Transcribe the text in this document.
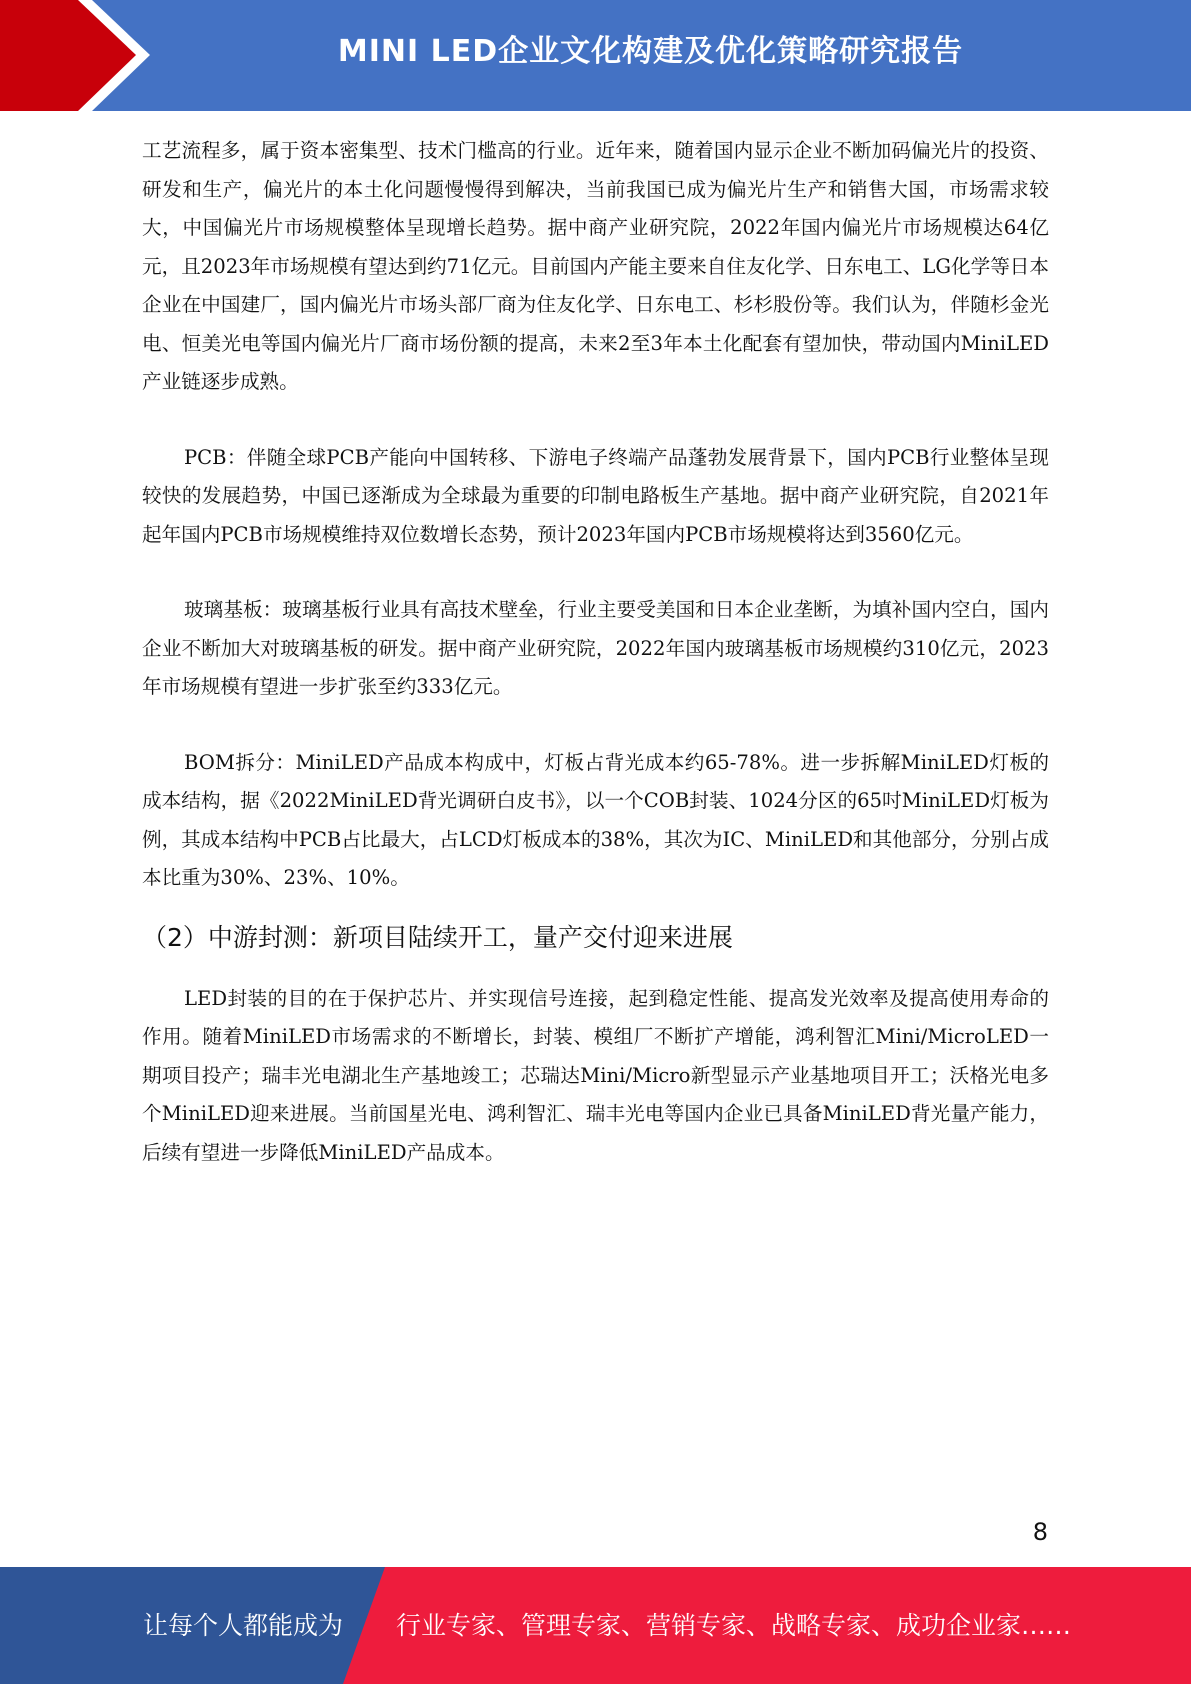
MINI LED企业文化构建及优化策略研究报告

工艺流程多，属于资本密集型、技术门槛高的行业。近年来，随着国内显示企业不断加码偏光片的投资、研发和生产，偏光片的本土化问题慢慢得到解决，当前我国已成为偏光片生产和销售大国，市场需求较大，中国偏光片市场规模整体呈现增长趋势。据中商产业研究院，2022年国内偏光片市场规模达64亿元，且2023年市场规模有望达到约71亿元。目前国内产能主要来自住友化学、日东电工、LG化学等日本企业在中国建厂，国内偏光片市场头部厂商为住友化学、日东电工、杉杉股份等。我们认为，伴随杉金光电、恒美光电等国内偏光片厂商市场份额的提高，未来2至3年本土化配套有望加快，带动国内MiniLED产业链逐步成熟。

PCB：伴随全球PCB产能向中国转移、下游电子终端产品蓬勃发展背景下，国内PCB行业整体呈现较快的发展趋势，中国已逐渐成为全球最为重要的印制电路板生产基地。据中商产业研究院，自2021年起年国内PCB市场规模维持双位数增长态势，预计2023年国内PCB市场规模将达到3560亿元。

玻璃基板：玻璃基板行业具有高技术壁垒，行业主要受美国和日本企业垄断，为填补国内空白，国内企业不断加大对玻璃基板的研发。据中商产业研究院，2022年国内玻璃基板市场规模约310亿元，2023年市场规模有望进一步扩张至约333亿元。

BOM拆分：MiniLED产品成本构成中，灯板占背光成本约65-78%。进一步拆解MiniLED灯板的成本结构，据《2022MiniLED背光调研白皮书》，以一个COB封装、1024分区的65吋MiniLED灯板为例，其成本结构中PCB占比最大，占LCD灯板成本的38%，其次为IC、MiniLED和其他部分，分别占成本比重为30%、23%、10%。

（2）中游封测：新项目陆续开工，量产交付迎来进展

LED封装的目的在于保护芯片、并实现信号连接，起到稳定性能、提高发光效率及提高使用寿命的作用。随着MiniLED市场需求的不断增长，封装、模组厂不断扩产增能，鸿利智汇Mini/MicroLED一期项目投产；瑞丰光电湖北生产基地竣工；芯瑞达Mini/Micro新型显示产业基地项目开工；沃格光电多个MiniLED迎来进展。当前国星光电、鸿利智汇、瑞丰光电等国内企业已具备MiniLED背光量产能力，后续有望进一步降低MiniLED产品成本。

8
让每个人都能成为 行业专家、管理专家、营销专家、战略专家、成功企业家……
